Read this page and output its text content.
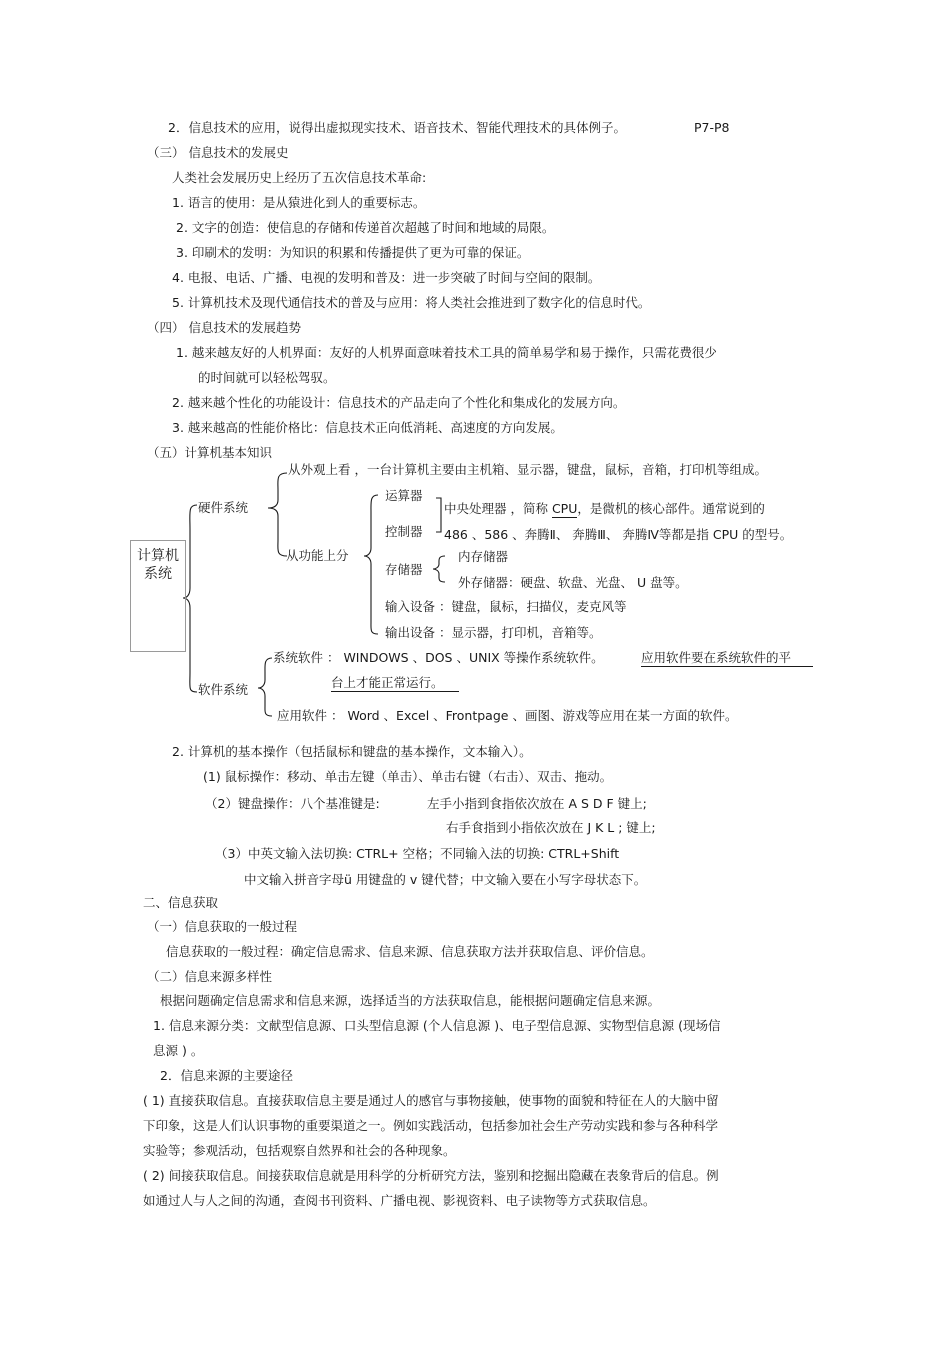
2．信息技术的应用，说得出虚拟现实技术、语音技术、智能代理技术的具体例子。	P7-P8
（三） 信息技术的发展史
人类社会发展历史上经历了五次信息技术革命:
1. 语言的使用：是从猿进化到人的重要标志。
2. 文字的创造：使信息的存储和传递首次超越了时间和地域的局限。
3. 印刷术的发明：为知识的积累和传播提供了更为可靠的保证。
4. 电报、电话、广播、电视的发明和普及：进一步突破了时间与空间的限制。
5. 计算机技术及现代通信技术的普及与应用：将人类社会推进到了数字化的信息时代。
（四） 信息技术的发展趋势
1. 越来越友好的人机界面：友好的人机界面意味着技术工具的简单易学和易于操作，只需花费很少
的时间就可以轻松驾驭。
2. 越来越个性化的功能设计：信息技术的产品走向了个性化和集成化的发展方向。
3. 越来越高的性能价格比：信息技术正向低消耗、高速度的方向发展。
（五）计算机基本知识
计算机系统
硬件系统
从外观上看 ，一台计算机主要由主机箱、显示器，键盘，鼠标，音箱，打印机等组成。
从功能上分
运算器
控制器
中央处理器 ，简称 CPU，是微机的核心部件。通常说到的
486 、586 、奔腾Ⅱ、 奔腾Ⅲ、 奔腾Ⅳ等都是指 CPU 的型号。
存储器
内存储器
外存储器：硬盘、软盘、光盘、 U 盘等。
输入设备 ：键盘，鼠标，扫描仪，麦克风等
输出设备 ：显示器，打印机，音箱等。
软件系统
系统软件 ： WINDOWS 、DOS 、UNIX 等操作系统软件。	应用软件要在系统软件的平
台上才能正常运行。
应用软件 ： Word 、Excel 、Frontpage 、画图、游戏等应用在某一方面的软件。
2. 计算机的基本操作（包括鼠标和键盘的基本操作，文本输入）。
(1) 鼠标操作：移动、单击左键（单击）、单击右键（右击）、双击、拖动。
（2）键盘操作：八个基准键是:	左手小指到食指依次放在 A S D F 键上;
右手食指到小指依次放在 J K L ; 键上;
（3）中英文输入法切换: CTRL+ 空格；不同输入法的切换: CTRL+Shift
中文输入拼音字母ü 用键盘的 v 键代替；中文输入要在小写字母状态下。
二、信息获取
（一）信息获取的一般过程
信息获取的一般过程：确定信息需求、信息来源、信息获取方法并获取信息、评价信息。
（二）信息来源多样性
根据问题确定信息需求和信息来源，选择适当的方法获取信息，能根据问题确定信息来源。
1. 信息来源分类：文献型信息源、口头型信息源 (个人信息源 )、电子型信息源、实物型信息源 (现场信
息源 ) 。
2．信息来源的主要途径
( 1) 直接获取信息。直接获取信息主要是通过人的感官与事物接触，使事物的面貌和特征在人的大脑中留
下印象，这是人们认识事物的重要渠道之一。例如实践活动，包括参加社会生产劳动实践和参与各种科学
实验等；参观活动，包括观察自然界和社会的各种现象。
( 2) 间接获取信息。间接获取信息就是用科学的分析研究方法，鉴别和挖掘出隐藏在表象背后的信息。例
如通过人与人之间的沟通，查阅书刊资料、广播电视、影视资料、电子读物等方式获取信息。
